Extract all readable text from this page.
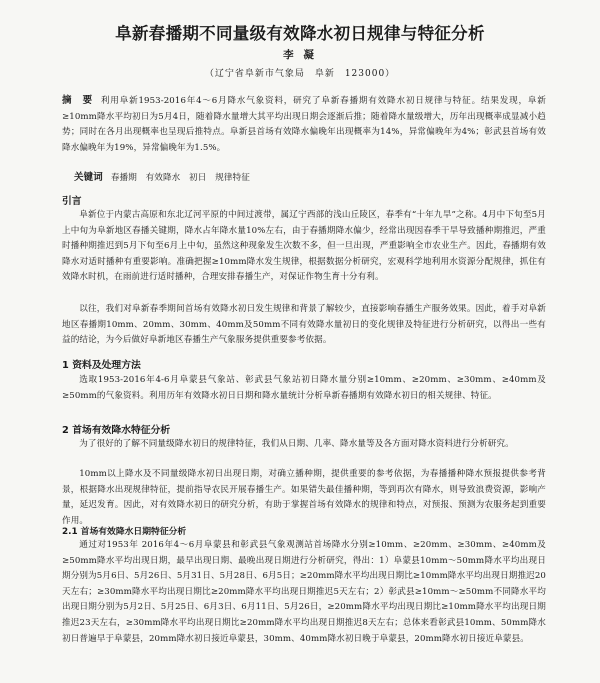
阜新春播期不同量级有效降水初日规律与特征分析
李 凝
（辽宁省阜新市气象局　阜新　123000）
摘　要 利用阜新1953-2016年4～6月降水气象资料，研究了阜新春播期有效降水初日规律与特征。结果发现，阜新≥10mm降水平均初日为5月4日，随着降水量增大其平均出现日期会逐渐后推；随着降水量级增大，历年出现概率成显减小趋势；同时在各月出现概率也呈现后推特点。阜新县首场有效降水偏晚年出现概率为14%，异常偏晚年为4%；彰武县首场有效降水偏晚年为19%，异常偏晚年为1.5%。
关键词 春播期　有效降水　初日　规律特征
引言
阜新位于内蒙古高原和东北辽河平原的中间过渡带，属辽宁西部的浅山丘陵区，春季有“十年九旱”之称。4月中下旬至5月上中旬为阜新地区春播关键期，降水占年降水量10%左右，由于春播期降水偏少，经常出现因春季干旱导致播种期推迟，严重时播种期推迟到5月下旬至6月上中旬，虽然这种现象发生次数不多，但一旦出现，严重影响全市农业生产。因此，春播期有效降水对适时播种有重要影响。准确把握≥10mm降水发生规律，根据数据分析研究，宏观科学地利用水资源分配规律，抓住有效降水时机，在雨前进行适时播种，合理安排春播生产，对保证作物生育十分有利。
以往，我们对阜新春季期间首场有效降水初日发生规律和背景了解较少，直接影响春播生产服务效果。因此，着手对阜新地区春播期10mm、20mm、30mm、40mm及50mm不同有效降水量初日的变化规律及特征进行分析研究，以得出一些有益的结论，为今后做好阜新地区春播生产气象服务提供重要参考依据。
1 资料及处理方法
选取1953-2016年4-6月阜蒙县气象站、彰武县气象站初日降水量分别≥10mm、≥20mm、≥30mm、≥40mm及≥50mm的气象资料。利用历年有效降水初日日期和降水量统计分析阜新春播期有效降水初日的相关规律、特征。
2 首场有效降水特征分析
为了很好的了解不同量级降水初日的规律特征，我们从日期、几率、降水量等及各方面对降水资料进行分析研究。
10mm以上降水及不同量级降水初日出现日期，对确立播种期，提供重要的参考依据，为春播播种降水预报提供参考背景，根据降水出现规律特征，提前指导农民开展春播生产。如果错失最佳播种期，等到再次有降水，则导致浪费资源，影响产量，延迟发育。因此，对有效降水初日的研究分析，有助于掌握首场有效降水的规律和特点，对预报、预测为农服务起到重要作用。
2.1 首场有效降水日期特征分析
通过对1953年 2016年4～6月阜蒙县和彰武县气象观测站首场降水分别≥10mm、≥20mm、≥30mm、≥40mm及≥50mm降水平均出现日期，最早出现日期、最晚出现日期进行分析研究，得出：1）阜蒙县10mm～50mm降水平均出现日期分别为5月6日、5月26日、5月31日、5月28日、6月5日；≥20mm降水平均出现日期比≥10mm降水平均出现日期推迟20天左右；≥30mm降水平均出现日期比≥20mm降水平均出现日期推迟5天左右；2）彰武县≥10mm～≥50mm不同降水平均出现日期分别为5月2日、5月25日、6月3日、6月11日、5月26日，≥20mm降水平均出现日期比≥10mm降水平均出现日期推迟23天左右，≥30mm降水平均出现日期比≥20mm降水平均出现日期推迟8天左右；总体来看彰武县10mm、50mm降水初日普遍早于阜蒙县，20mm降水初日接近阜蒙县，30mm、40mm降水初日晚于阜蒙县，20mm降水初日接近阜蒙县。
